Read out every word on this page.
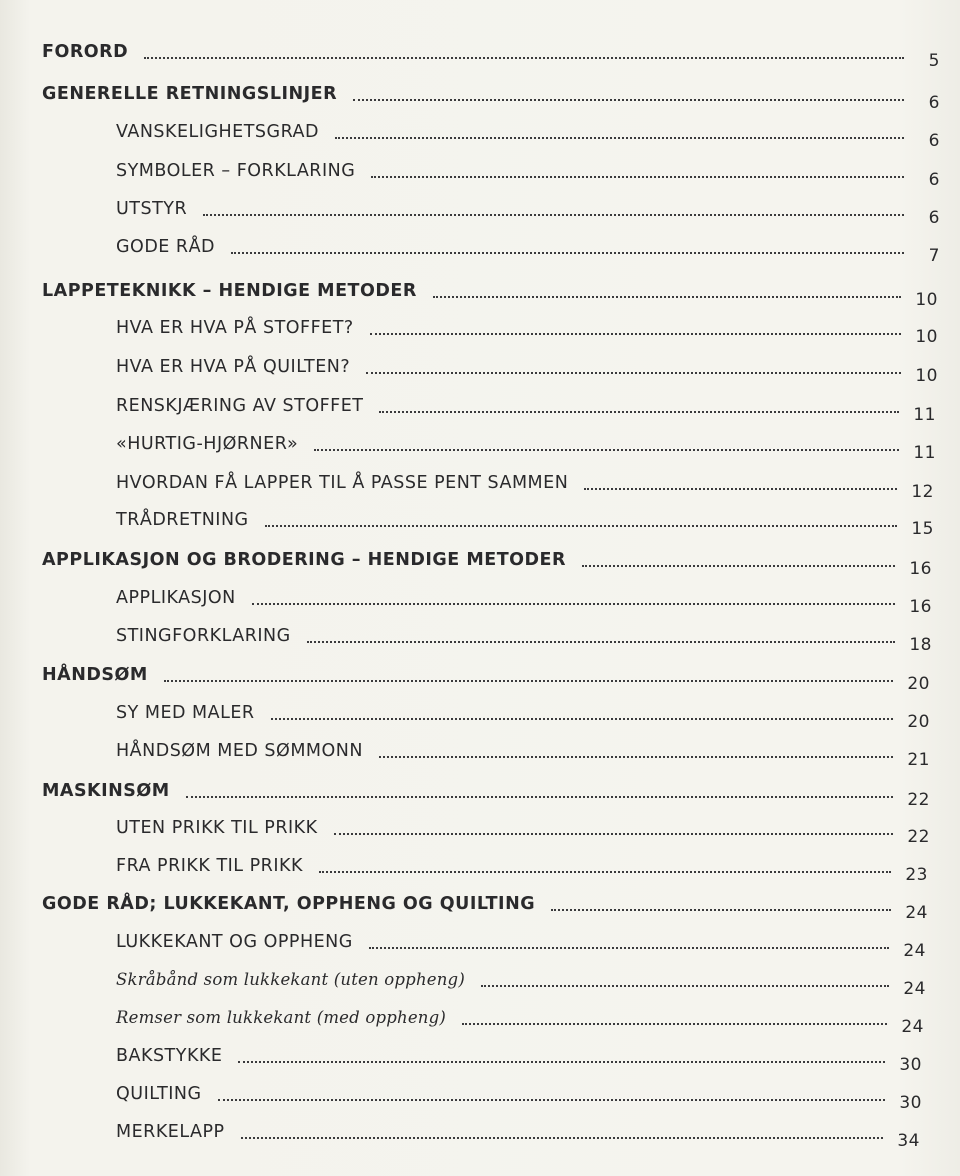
FORORD	5
GENERELLE RETNINGSLINJER	6
VANSKELIGHETSGRAD	6
SYMBOLER – FORKLARING	6
UTSTYR	6
GODE RÅD	7
LAPPETEKNIKK – HENDIGE METODER	10
HVA ER HVA PÅ STOFFET?	10
HVA ER HVA PÅ QUILTEN?	10
RENSKJÆRING AV STOFFET	11
«HURTIG-HJØRNER»	11
HVORDAN FÅ LAPPER TIL Å PASSE PENT SAMMEN	12
TRÅDRETNING	15
APPLIKASJON OG BRODERING – HENDIGE METODER	16
APPLIKASJON	16
STINGFORKLARING	18
HÅNDSØM	20
SY MED MALER	20
HÅNDSØM MED SØMMONN	21
MASKINSØM	22
UTEN PRIKK TIL PRIKK	22
FRA PRIKK TIL PRIKK	23
GODE RÅD; LUKKEKANT, OPPHENG OG QUILTING	24
LUKKEKANT OG OPPHENG	24
Skråbånd som lukkekant (uten oppheng)	24
Remser som lukkekant (med oppheng)	24
BAKSTYKKE	30
QUILTING	30
MERKELAPP	34
